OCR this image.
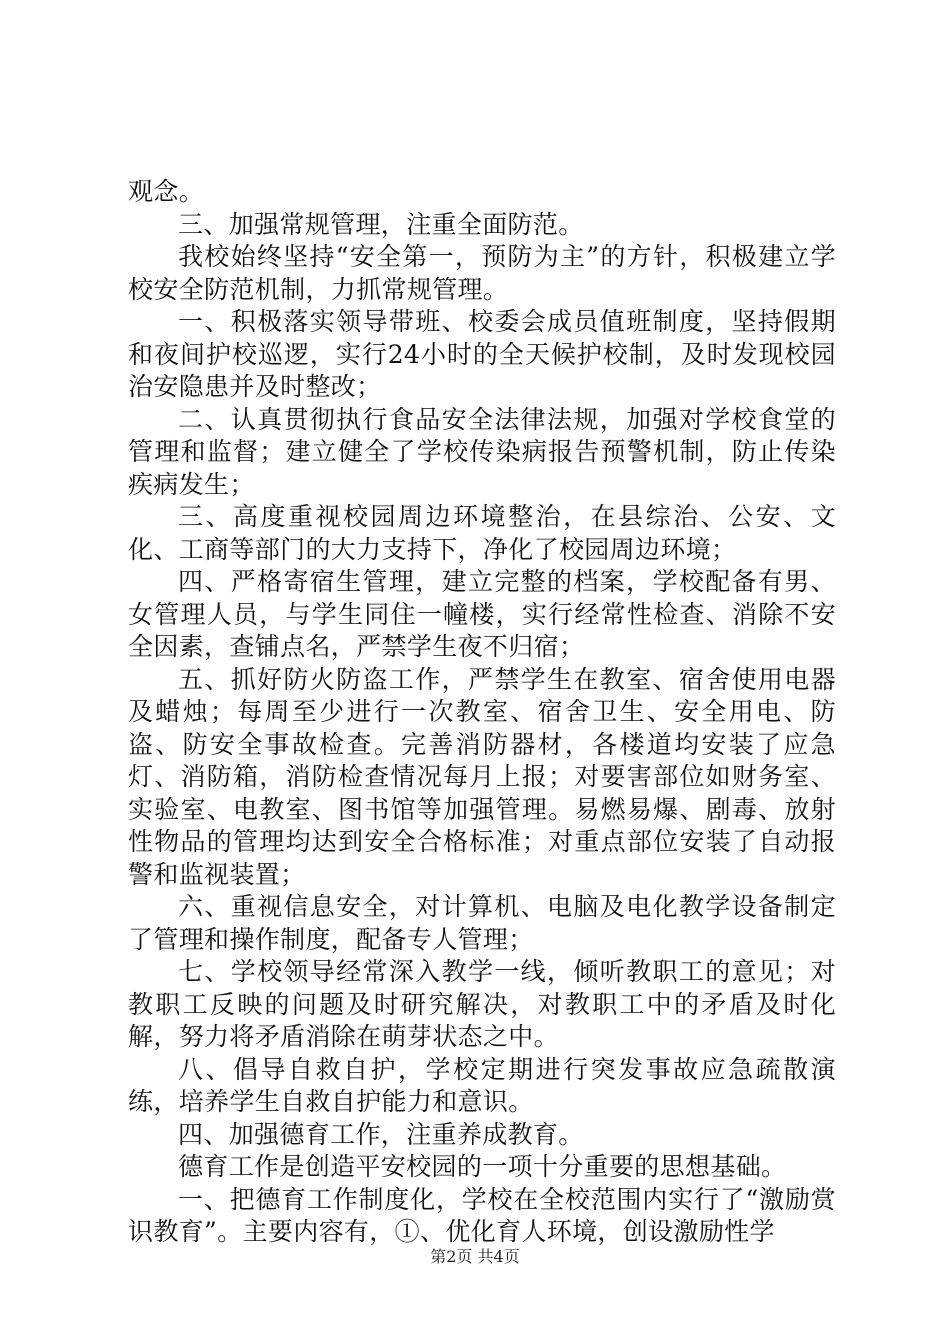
观念。

三、加强常规管理，注重全面防范。

我校始终坚持“安全第一，预防为主”的方针，积极建立学校安全防范机制，力抓常规管理。

一、积极落实领导带班、校委会成员值班制度，坚持假期和夜间护校巡逻，实行24小时的全天候护校制，及时发现校园治安隐患并及时整改；

二、认真贯彻执行食品安全法律法规，加强对学校食堂的管理和监督；建立健全了学校传染病报告预警机制，防止传染疾病发生；

三、高度重视校园周边环境整治，在县综治、公安、文化、工商等部门的大力支持下，净化了校园周边环境；

四、严格寄宿生管理，建立完整的档案，学校配备有男、女管理人员，与学生同住一幢楼，实行经常性检查、消除不安全因素，查铺点名，严禁学生夜不归宿；

五、抓好防火防盗工作，严禁学生在教室、宿舍使用电器及蜡烛；每周至少进行一次教室、宿舍卫生、安全用电、防盗、防安全事故检查。完善消防器材，各楼道均安装了应急灯、消防箱，消防检查情况每月上报；对要害部位如财务室、实验室、电教室、图书馆等加强管理。易燃易爆、剧毒、放射性物品的管理均达到安全合格标准；对重点部位安装了自动报警和监视装置；

六、重视信息安全，对计算机、电脑及电化教学设备制定了管理和操作制度，配备专人管理；

七、学校领导经常深入教学一线，倾听教职工的意见；对教职工反映的问题及时研究解决，对教职工中的矛盾及时化解，努力将矛盾消除在萌芽状态之中。

八、倡导自救自护，学校定期进行突发事故应急疏散演练，培养学生自救自护能力和意识。

四、加强德育工作，注重养成教育。

德育工作是创造平安校园的一项十分重要的思想基础。

一、把德育工作制度化，学校在全校范围内实行了“激励赏识教育”。主要内容有，①、优化育人环境，创设激励性学

第2页 共4页
